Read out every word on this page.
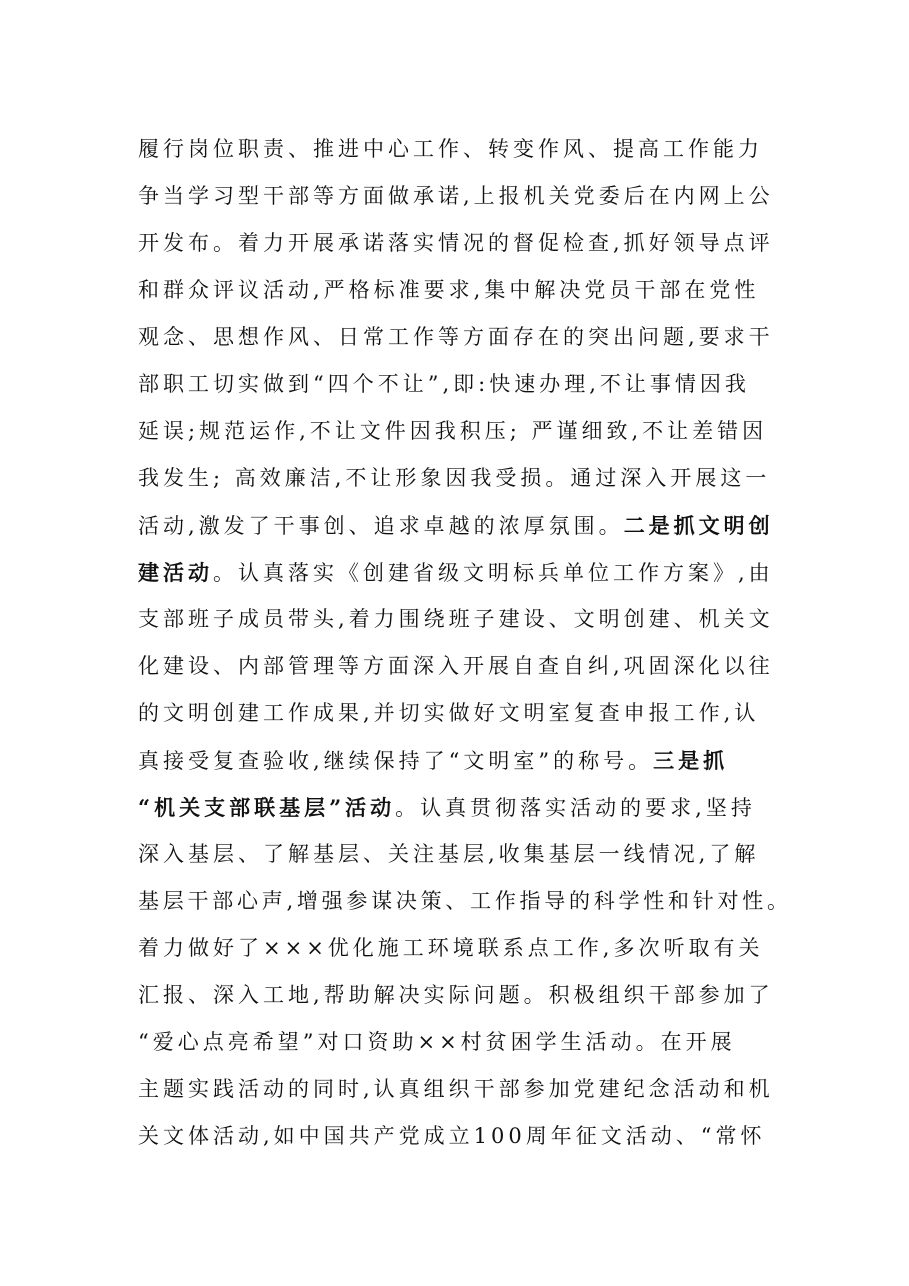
履行岗位职责、推进中心工作、转变作风、提高工作能力
争当学习型干部等方面做承诺,上报机关党委后在内网上公
开发布。着力开展承诺落实情况的督促检查,抓好领导点评
和群众评议活动,严格标准要求,集中解决党员干部在党性
观念、思想作风、日常工作等方面存在的突出问题,要求干
部职工切实做到“四个不让”,即:快速办理,不让事情因我
延误;规范运作,不让文件因我积压; 严谨细致,不让差错因
我发生; 高效廉洁,不让形象因我受损。通过深入开展这一
活动,激发了干事创、追求卓越的浓厚氛围。二是抓文明创
建活动。认真落实《创建省级文明标兵单位工作方案》,由
支部班子成员带头,着力围绕班子建设、文明创建、机关文
化建设、内部管理等方面深入开展自查自纠,巩固深化以往
的文明创建工作成果,并切实做好文明室复查申报工作,认
真接受复查验收,继续保持了“文明室”的称号。三是抓
“机关支部联基层”活动。认真贯彻落实活动的要求,坚持
深入基层、了解基层、关注基层,收集基层一线情况,了解
基层干部心声,增强参谋决策、工作指导的科学性和针对性。
着力做好了×××优化施工环境联系点工作,多次听取有关
汇报、深入工地,帮助解决实际问题。积极组织干部参加了
“爱心点亮希望”对口资助××村贫困学生活动。在开展
主题实践活动的同时,认真组织干部参加党建纪念活动和机
关文体活动,如中国共产党成立100周年征文活动、“常怀
